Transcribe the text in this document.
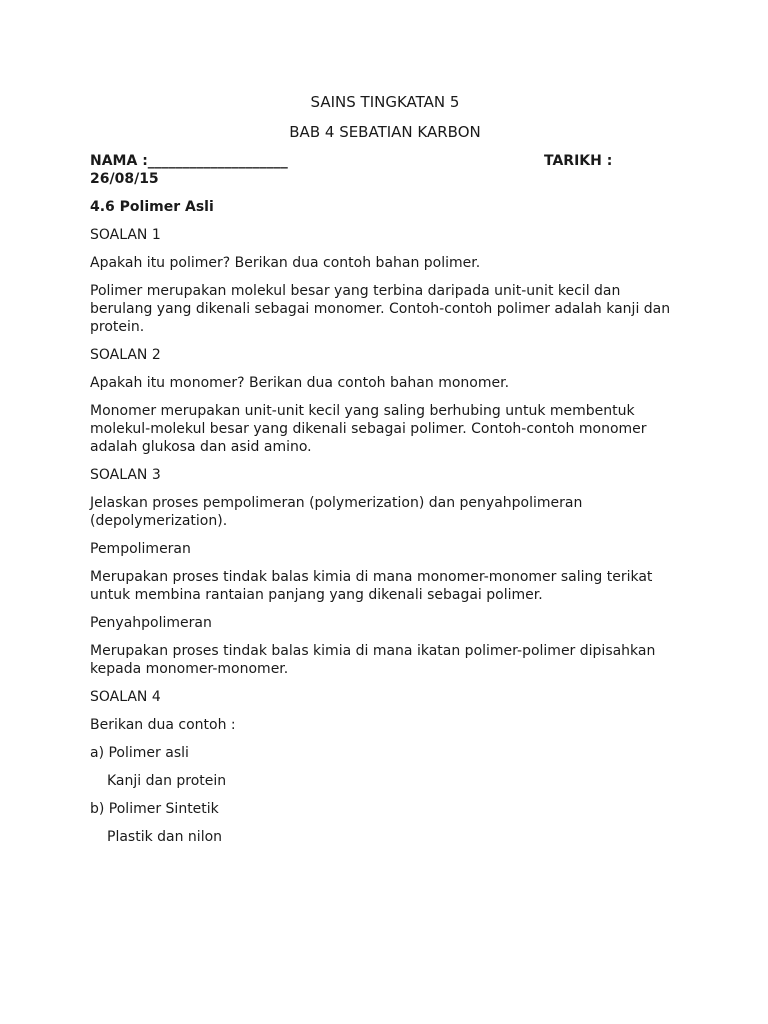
SAINS TINGKATAN 5

BAB 4 SEBATIAN KARBON

NAMA :____________________	TARIKH :
26/08/15
4.6 Polimer Asli

SOALAN 1

Apakah itu polimer? Berikan dua contoh bahan polimer.

Polimer merupakan molekul besar yang terbina daripada unit-unit kecil dan
berulang yang dikenali sebagai monomer. Contoh-contoh polimer adalah kanji dan
protein.

SOALAN 2

Apakah itu monomer? Berikan dua contoh bahan monomer.

Monomer merupakan unit-unit kecil yang saling berhubing untuk membentuk
molekul-molekul besar yang dikenali sebagai polimer. Contoh-contoh monomer
adalah glukosa dan asid amino.

SOALAN 3

Jelaskan proses pempolimeran (polymerization) dan penyahpolimeran
(depolymerization).

Pempolimeran

Merupakan proses tindak balas kimia di mana monomer-monomer saling terikat
untuk membina rantaian panjang yang dikenali sebagai polimer.

Penyahpolimeran

Merupakan proses tindak balas kimia di mana ikatan polimer-polimer dipisahkan
kepada monomer-monomer.

SOALAN 4

Berikan dua contoh :

a) Polimer asli

Kanji dan protein

b) Polimer Sintetik

Plastik dan nilon
